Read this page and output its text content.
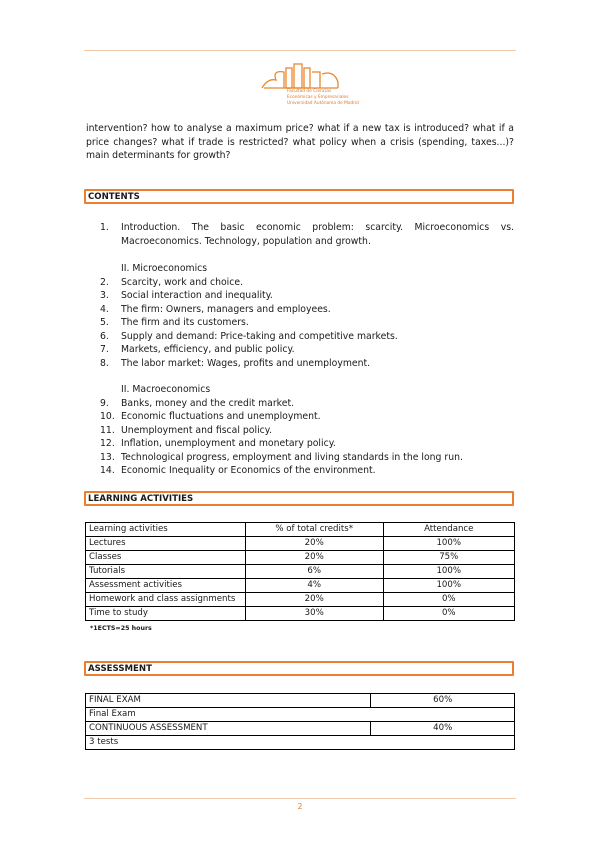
Facultad de Ciencias
Económicas y Empresariales
Universidad Autónoma de Madrid
intervention? how to analyse a maximum price? what if a new tax is introduced? what if a price changes? what if trade is restricted? what policy when a crisis (spending, taxes...)? main determinants for growth?
CONTENTS
1.	Introduction. The basic economic problem: scarcity. Microeconomics vs. Macroeconomics. Technology, population and growth.
II. Microeconomics
2.	Scarcity, work and choice.
3.	Social interaction and inequality.
4.	The firm: Owners, managers and employees.
5.	The firm and its customers.
6.	Supply and demand: Price-taking and competitive markets.
7.	Markets, efficiency, and public policy.
8.	The labor market: Wages, profits and unemployment.
II. Macroeconomics
9.	Banks, money and the credit market.
10. Economic fluctuations and unemployment.
11. Unemployment and fiscal policy.
12. Inflation, unemployment and monetary policy.
13. Technological progress, employment and living standards in the long run.
14. Economic Inequality or Economics of the environment.
LEARNING ACTIVITIES
Learning activities	% of total credits*	Attendance
Lectures	20%	100%
Classes	20%	75%
Tutorials	6%	100%
Assessment activities	4%	100%
Homework and class assignments	20%	0%
Time to study	30%	0%
*1ECTS=25 hours
ASSESSMENT
FINAL EXAM	60%
Final Exam	
CONTINUOUS ASSESSMENT	40%
3 tests	
2
